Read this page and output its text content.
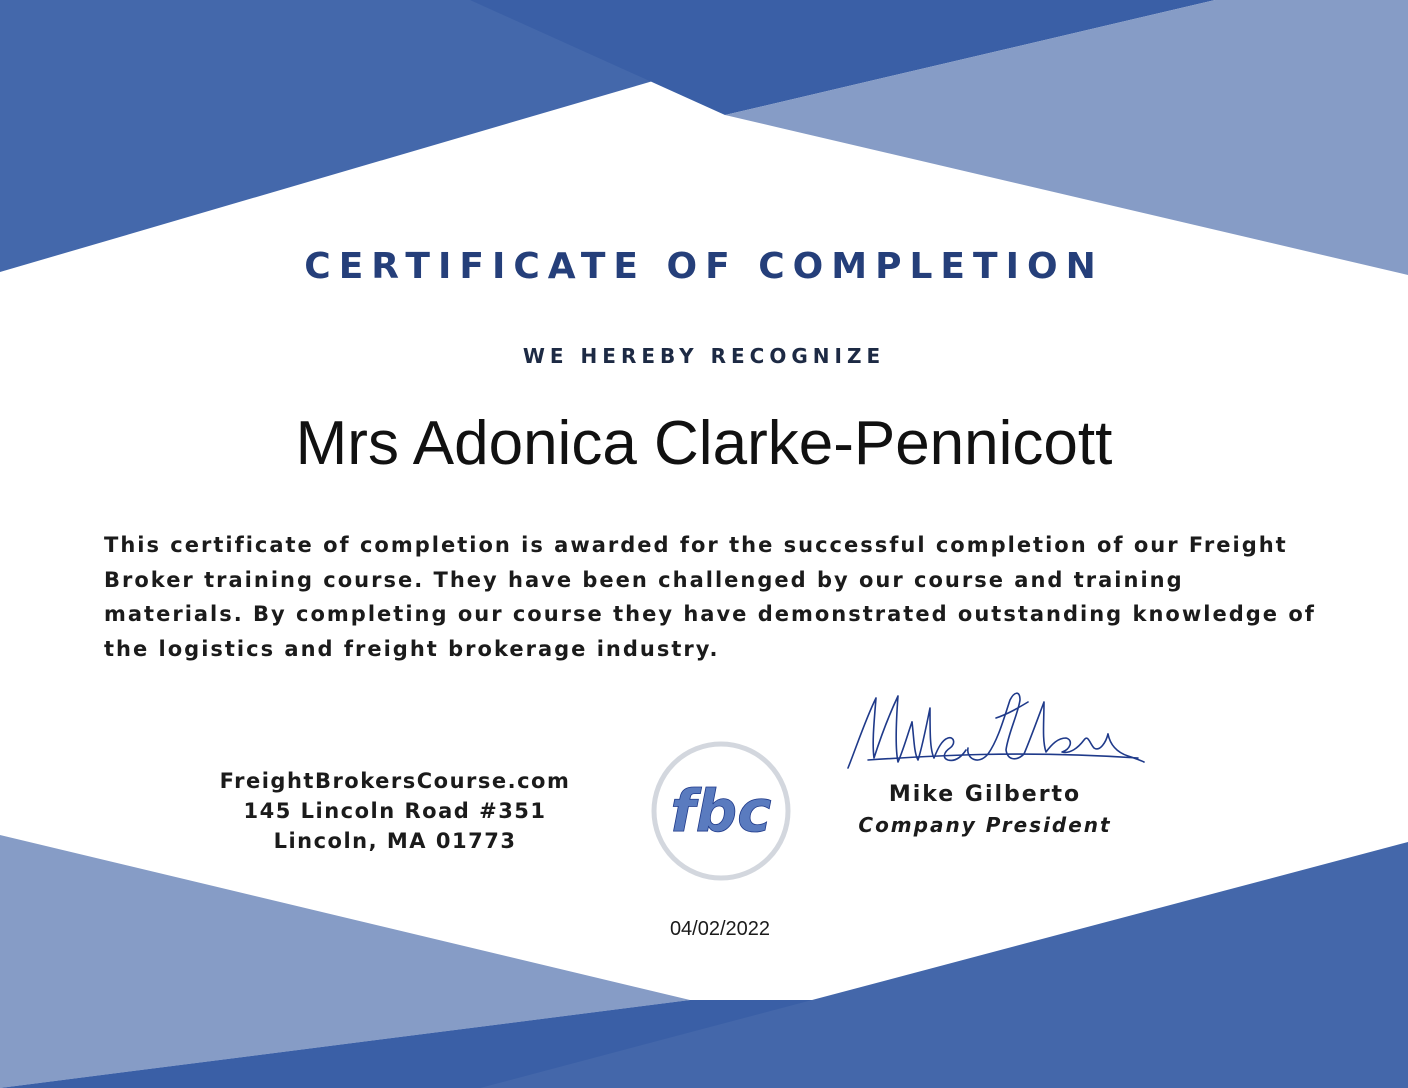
CERTIFICATE OF COMPLETION
WE HEREBY RECOGNIZE
Mrs Adonica Clarke-Pennicott
This certificate of completion is awarded for the successful completion of our Freight Broker training course. They have been challenged by our course and training materials. By completing our course they have demonstrated outstanding knowledge of the logistics and freight brokerage industry.
FreightBrokersCourse.com
145 Lincoln Road #351
Lincoln, MA 01773	fbc	Mike Gilberto
Company President
04/02/2022
